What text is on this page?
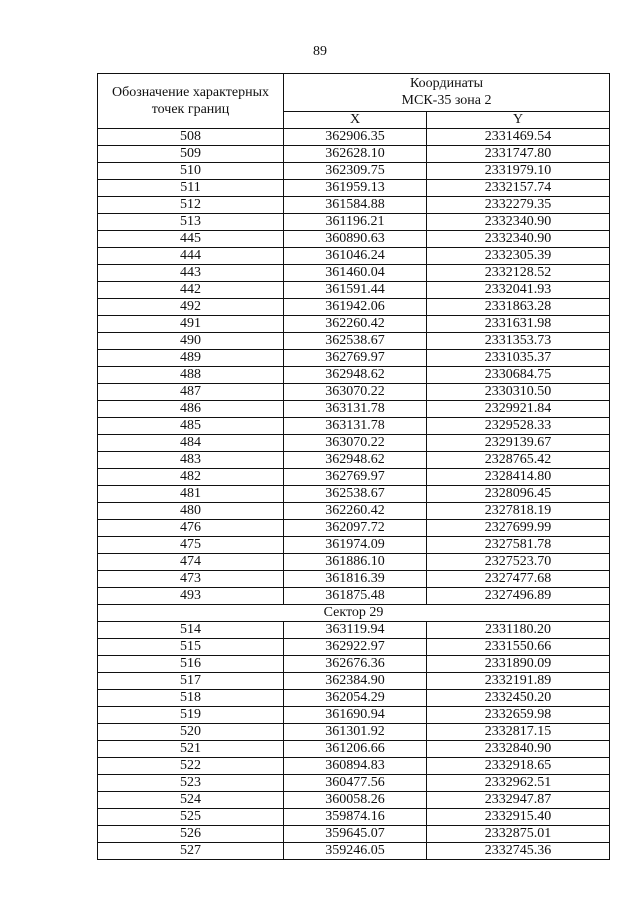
89
Обозначение характерных точек границ	Координаты
МСК-35 зона 2	
	X	Y
508	362906.35	2331469.54
509	362628.10	2331747.80
510	362309.75	2331979.10
511	361959.13	2332157.74
512	361584.88	2332279.35
513	361196.21	2332340.90
445	360890.63	2332340.90
444	361046.24	2332305.39
443	361460.04	2332128.52
442	361591.44	2332041.93
492	361942.06	2331863.28
491	362260.42	2331631.98
490	362538.67	2331353.73
489	362769.97	2331035.37
488	362948.62	2330684.75
487	363070.22	2330310.50
486	363131.78	2329921.84
485	363131.78	2329528.33
484	363070.22	2329139.67
483	362948.62	2328765.42
482	362769.97	2328414.80
481	362538.67	2328096.45
480	362260.42	2327818.19
476	362097.72	2327699.99
475	361974.09	2327581.78
474	361886.10	2327523.70
473	361816.39	2327477.68
493	361875.48	2327496.89
Сектор 29		
514	363119.94	2331180.20
515	362922.97	2331550.66
516	362676.36	2331890.09
517	362384.90	2332191.89
518	362054.29	2332450.20
519	361690.94	2332659.98
520	361301.92	2332817.15
521	361206.66	2332840.90
522	360894.83	2332918.65
523	360477.56	2332962.51
524	360058.26	2332947.87
525	359874.16	2332915.40
526	359645.07	2332875.01
527	359246.05	2332745.36
